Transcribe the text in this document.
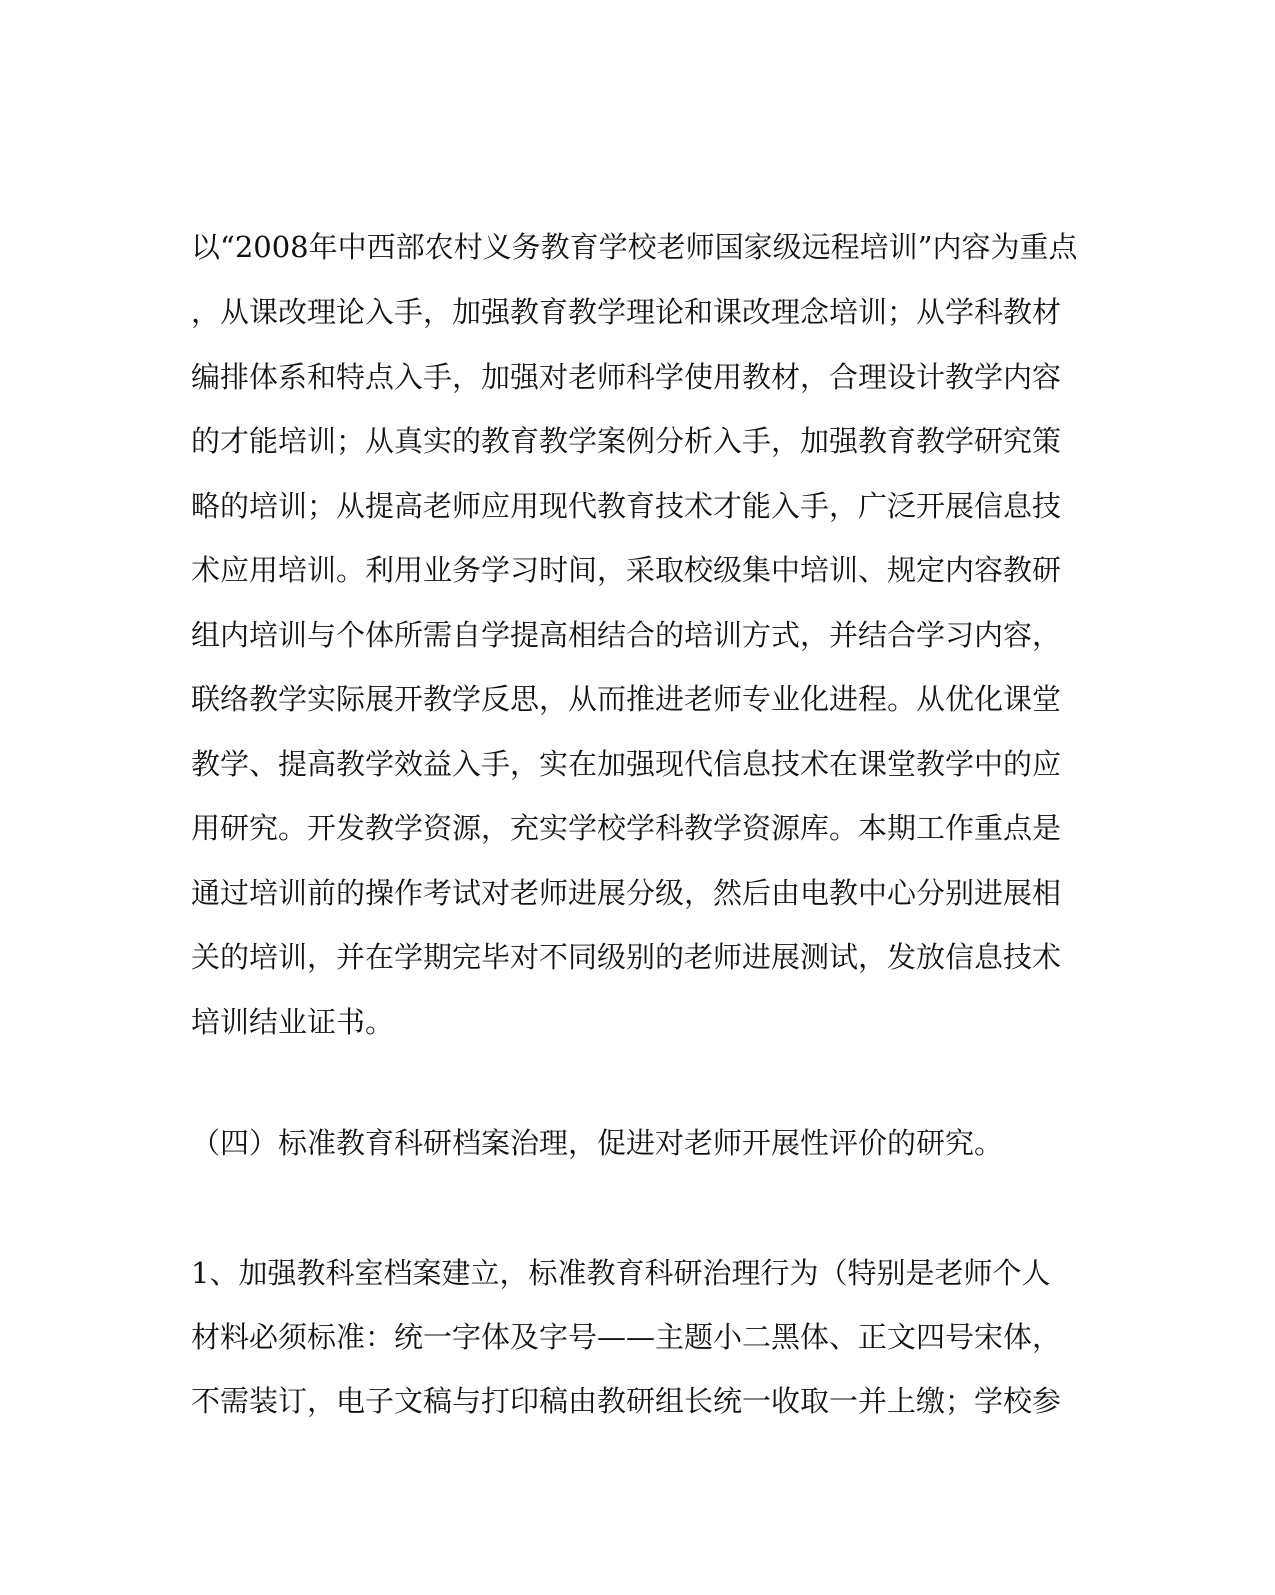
以“2008年中西部农村义务教育学校老师国家级远程培训”内容为重点
，从课改理论入手，加强教育教学理论和课改理念培训；从学科教材
编排体系和特点入手，加强对老师科学使用教材，合理设计教学内容
的才能培训；从真实的教育教学案例分析入手，加强教育教学研究策
略的培训；从提高老师应用现代教育技术才能入手，广泛开展信息技
术应用培训。利用业务学习时间，采取校级集中培训、规定内容教研
组内培训与个体所需自学提高相结合的培训方式，并结合学习内容，
联络教学实际展开教学反思，从而推进老师专业化进程。从优化课堂
教学、提高教学效益入手，实在加强现代信息技术在课堂教学中的应
用研究。开发教学资源，充实学校学科教学资源库。本期工作重点是
通过培训前的操作考试对老师进展分级，然后由电教中心分别进展相
关的培训，并在学期完毕对不同级别的老师进展测试，发放信息技术
培训结业证书。
（四）标准教育科研档案治理，促进对老师开展性评价的研究。
1、加强教科室档案建立，标准教育科研治理行为（特别是老师个人
材料必须标准：统一字体及字号——主题小二黑体、正文四号宋体，
不需装订，电子文稿与打印稿由教研组长统一收取一并上缴；学校参
